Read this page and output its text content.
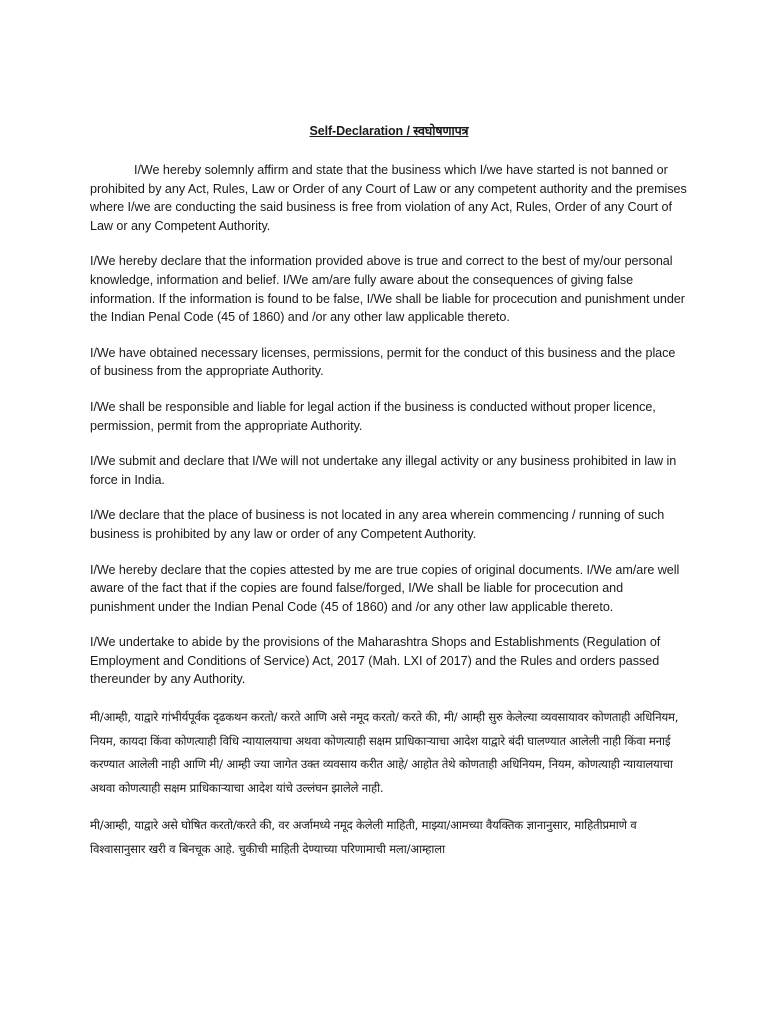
Self-Declaration / स्वघोषणापत्र

I/We hereby solemnly affirm and state that the business which I/we have started is not banned or prohibited by any Act, Rules, Law or Order of any Court of Law or any competent authority and the premises where I/we are conducting the said business is free from violation of any Act, Rules, Order of any Court of Law or any Competent Authority.

I/We hereby declare that the information provided above is true and correct to the best of my/our personal knowledge, information and belief. I/We am/are fully aware about the consequences of giving false information. If the information is found to be false, I/We shall be liable for procecution and punishment under the Indian Penal Code (45 of 1860) and /or any other law applicable thereto.

I/We have obtained necessary licenses, permissions, permit for the conduct of this business and the place of business from the appropriate Authority.

I/We shall be responsible and liable for legal action if the business is conducted without proper licence, permission, permit from the appropriate Authority.

I/We submit and declare that I/We will not undertake any illegal activity or any business prohibited in law in force in India.

I/We declare that the place of business is not located in any area wherein commencing / running of such business is prohibited by any law or order of any Competent Authority.

I/We hereby declare that the copies attested by me are true copies of original documents. I/We am/are well aware of the fact that if the copies are found false/forged, I/We shall be liable for procecution and punishment under the Indian Penal Code (45 of 1860) and /or any other law applicable thereto.

I/We undertake to abide by the provisions of the Maharashtra Shops and Establishments (Regulation of Employment and Conditions of Service) Act, 2017 (Mah. LXI of 2017) and the Rules and orders passed thereunder by any Authority.

मी/आम्ही, याद्वारे गांभीर्यपूर्वक दृढकथन करतो/ करते आणि असे नमूद करतो/ करते की, मी/ आम्ही सुरु केलेल्या व्यवसायावर कोणताही अधिनियम, नियम, कायदा किंवा कोणत्याही विधि न्यायालयाचा अथवा कोणत्याही सक्षम प्राधिकाऱ्याचा आदेश याद्वारे बंदी घालण्यात आलेली नाही किंवा मनाई करण्यात आलेली नाही आणि मी/ आम्ही ज्या जागेत उक्त व्यवसाय करीत आहे/ आहोत तेथे कोणताही अधिनियम, नियम, कोणत्याही न्यायालयाचा अथवा कोणत्याही सक्षम प्राधिकाऱ्याचा आदेश यांचे उल्लंघन झालेले नाही.

मी/आम्ही, याद्वारे असे घोषित करतो/करते की, वर अर्जामध्ये नमूद केलेली माहिती, माझ्या/आमच्या वैयक्तिक ज्ञानानुसार, माहितीप्रमाणे व विश्वासानुसार खरी व बिनचूक आहे. चुकीची माहिती देण्याच्या परिणामाची मला/आम्हाला
